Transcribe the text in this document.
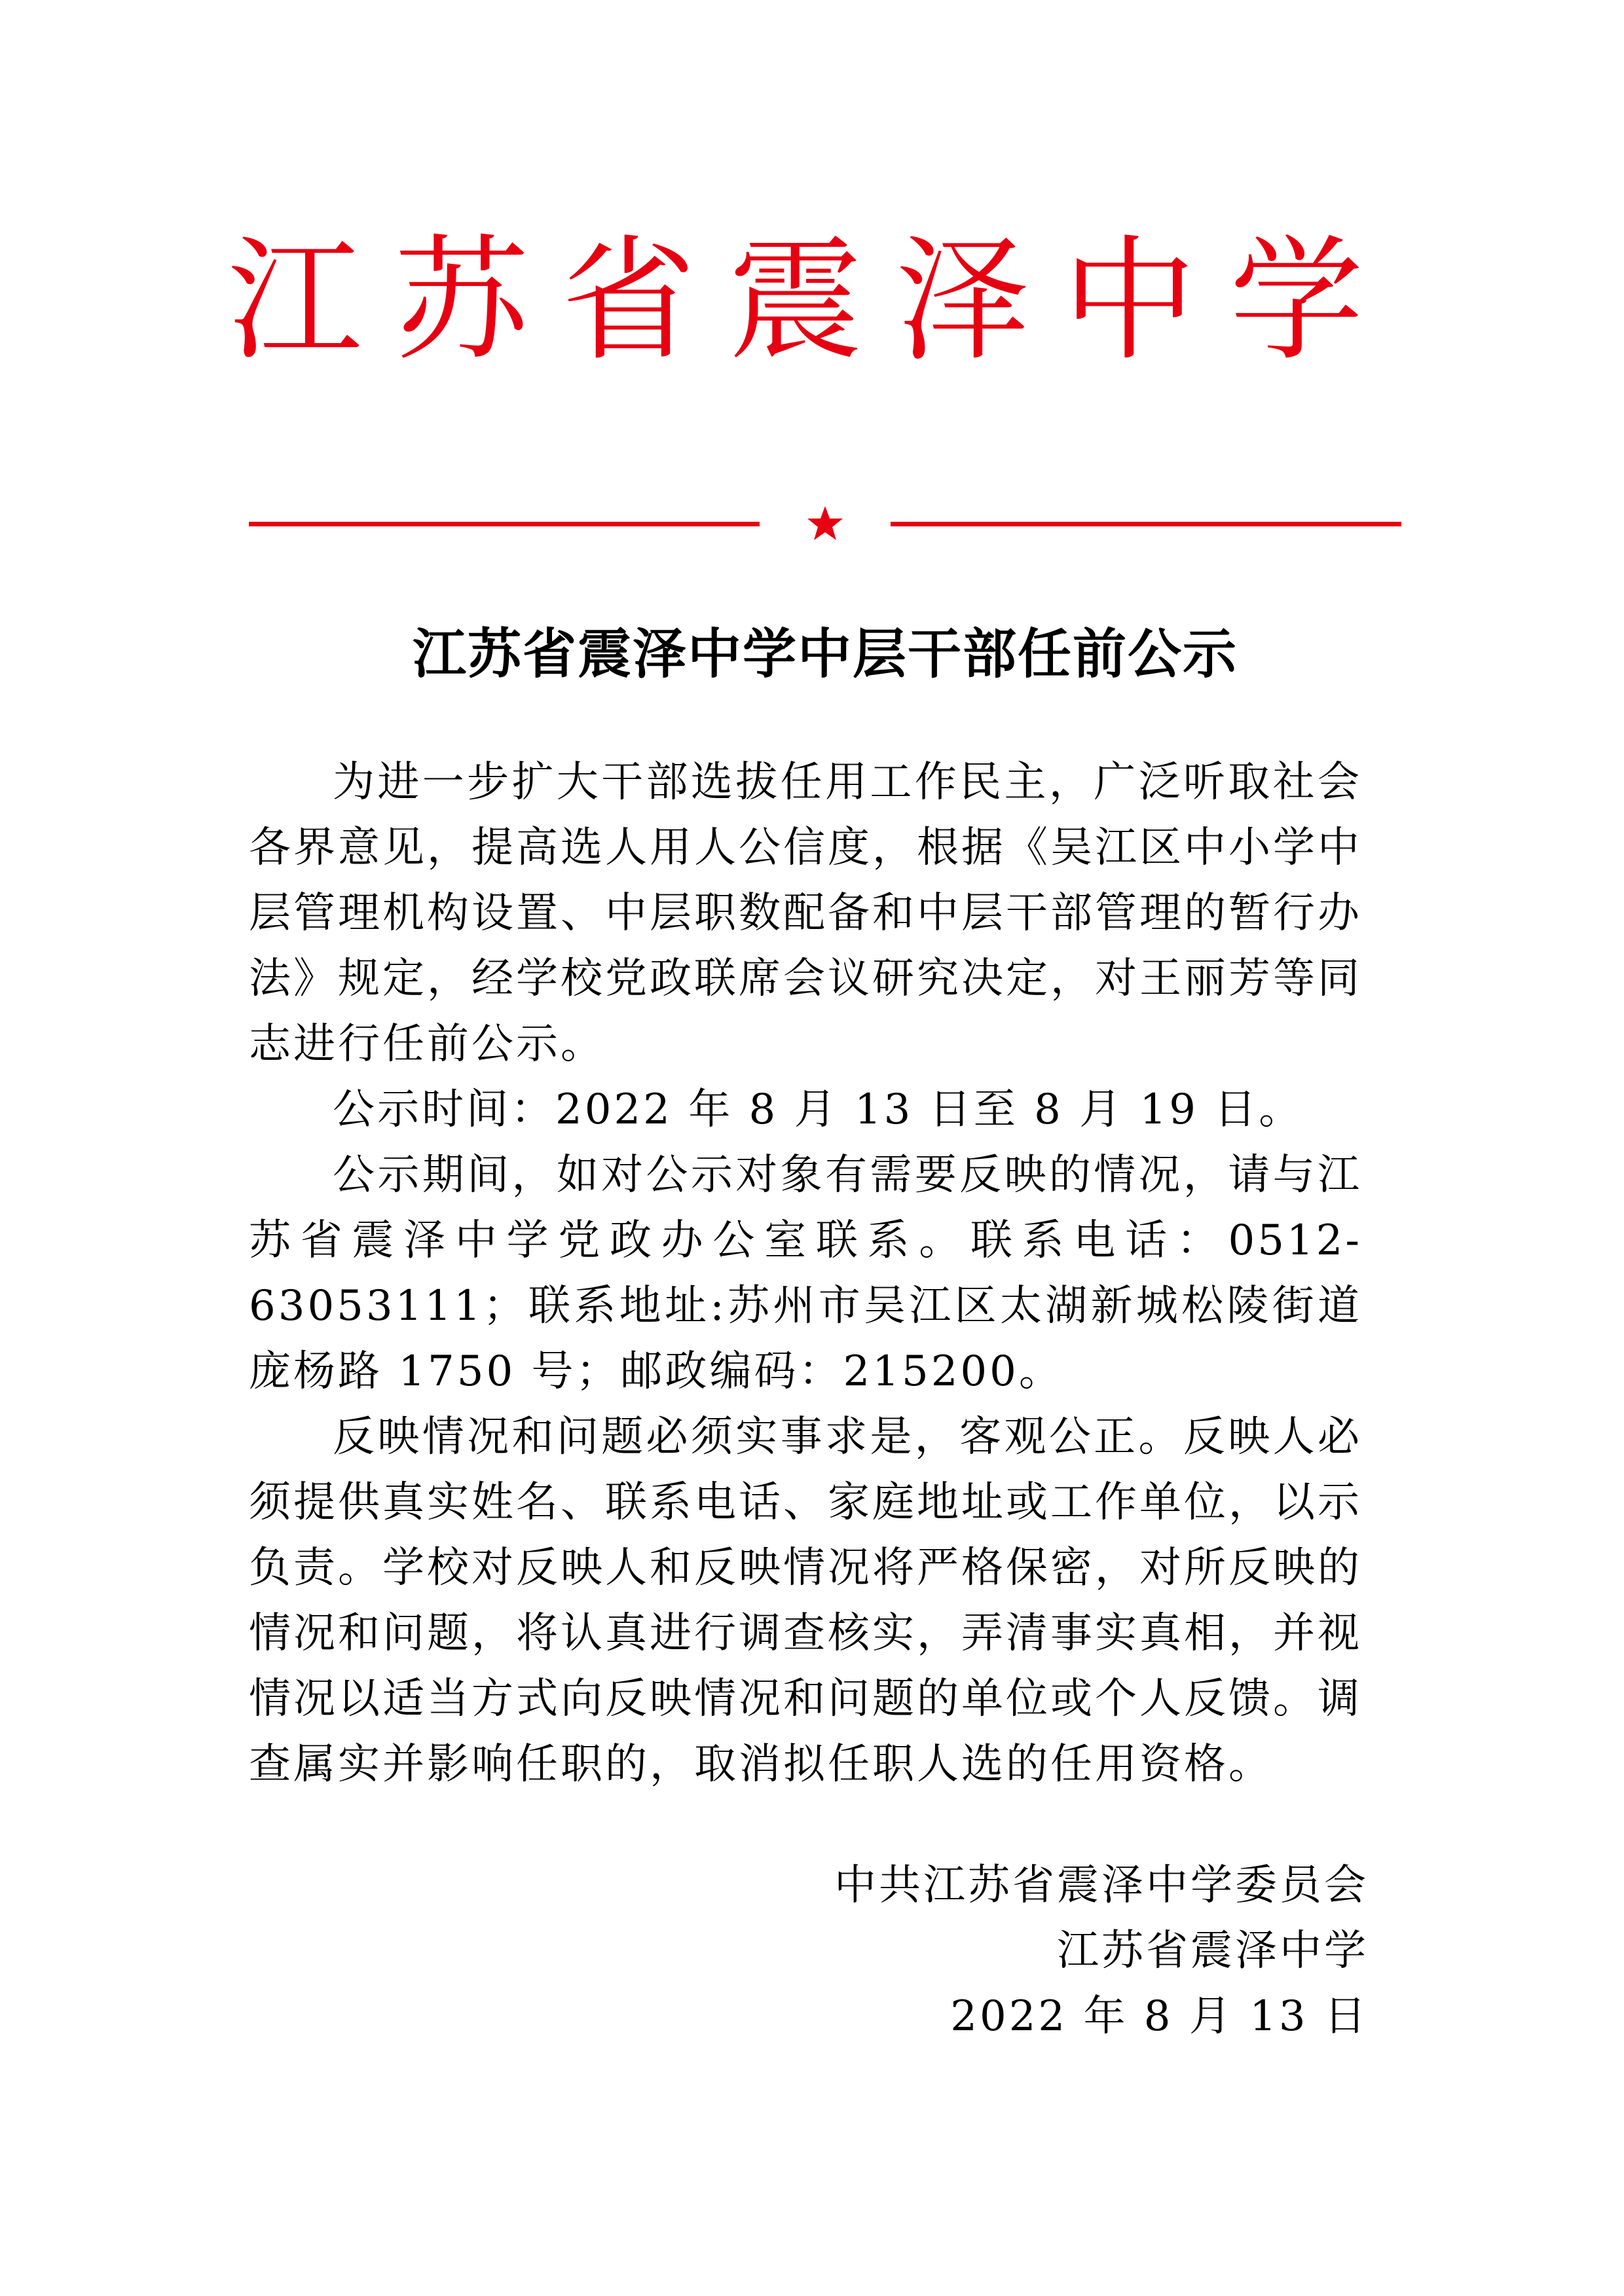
江苏省震泽中学
江苏省震泽中学中层干部任前公示

为进一步扩大干部选拔任用工作民主，广泛听取社会各界意见，提高选人用人公信度，根据《吴江区中小学中层管理机构设置、中层职数配备和中层干部管理的暂行办法》规定，经学校党政联席会议研究决定，对王丽芳等同志进行任前公示。

公示时间：2022 年 8 月 13 日至 8 月 19 日。

公示期间，如对公示对象有需要反映的情况，请与江苏省震泽中学党政办公室联系。联系电话：0512-63053111；联系地址:苏州市吴江区太湖新城松陵街道庞杨路 1750 号；邮政编码：215200。

反映情况和问题必须实事求是，客观公正。反映人必须提供真实姓名、联系电话、家庭地址或工作单位，以示负责。学校对反映人和反映情况将严格保密，对所反映的情况和问题，将认真进行调查核实，弄清事实真相，并视情况以适当方式向反映情况和问题的单位或个人反馈。调查属实并影响任职的，取消拟任职人选的任用资格。

中共江苏省震泽中学委员会
江苏省震泽中学
2022 年 8 月 13 日
